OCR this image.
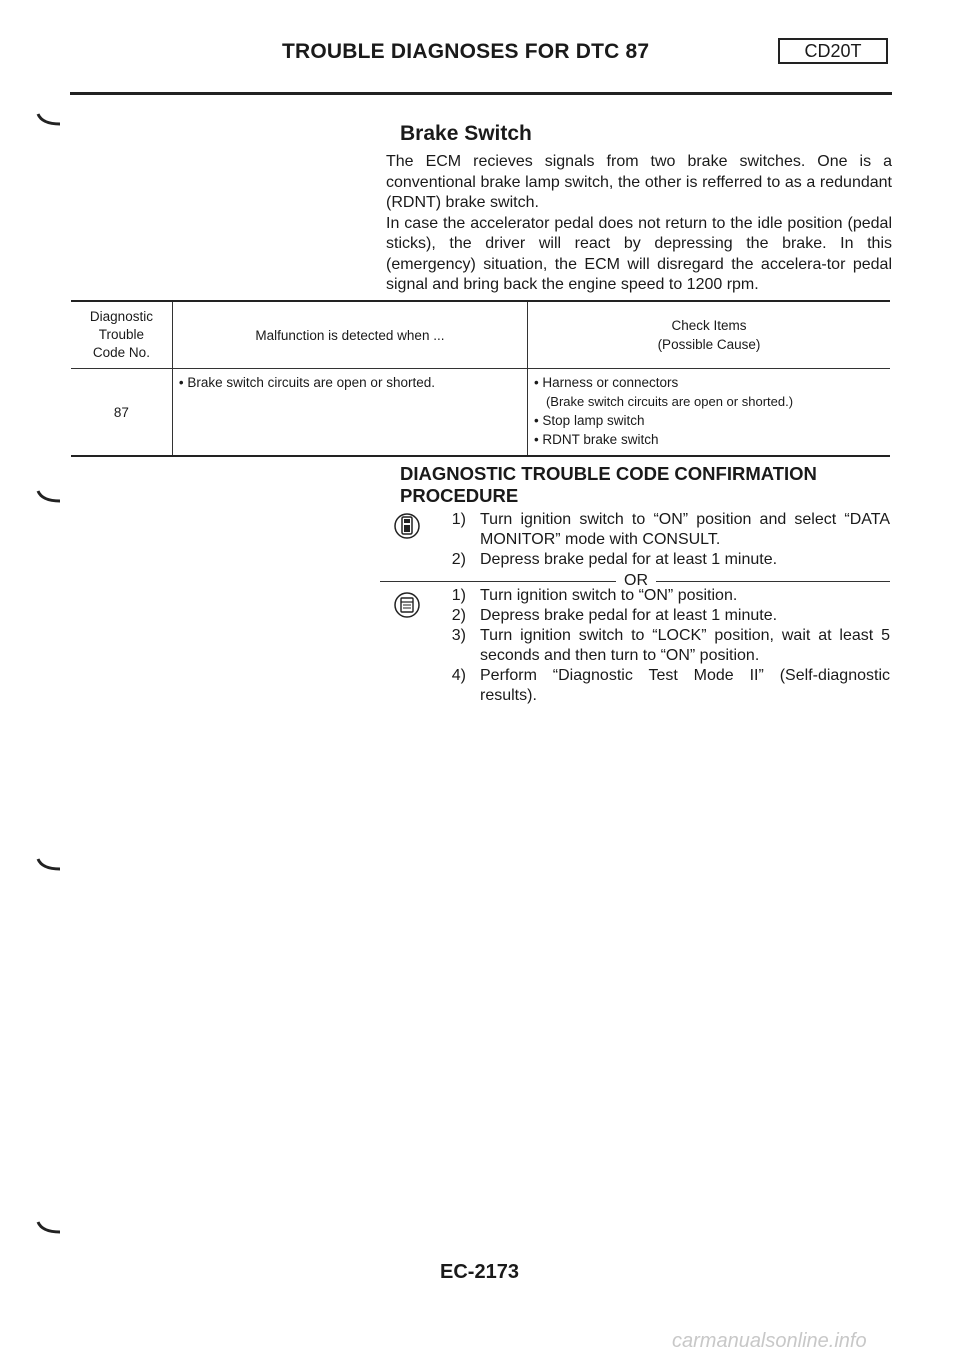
TROUBLE DIAGNOSES FOR DTC 87	CD20T
Brake Switch

The ECM recieves signals from two brake switches. One is a conventional brake lamp switch, the other is refferred to as a redundant (RDNT) brake switch.

In case the accelerator pedal does not return to the idle position (pedal sticks), the driver will react by depressing the brake. In this (emergency) situation, the ECM will disregard the accelera-tor pedal signal and bring back the engine speed to 1200 rpm.

Diagnostic
Trouble
Code No.	Malfunction is detected when ...	Check Items
(Possible Cause)

87	• Brake switch circuits are open or shorted.	• Harness or connectors
(Brake switch circuits are open or shorted.)
• Stop lamp switch
• RDNT brake switch
DIAGNOSTIC TROUBLE CODE CONFIRMATION
PROCEDURE
1) Turn ignition switch to “ON” position and select “DATA MONITOR” mode with CONSULT.
2) Depress brake pedal for at least 1 minute.
OR
1) Turn ignition switch to “ON” position.
2) Depress brake pedal for at least 1 minute.
3) Turn ignition switch to “LOCK” position, wait at least 5 seconds and then turn to “ON” position.
4) Perform “Diagnostic Test Mode II” (Self-diagnostic results).
EC-2173
carmanualsonline.info
